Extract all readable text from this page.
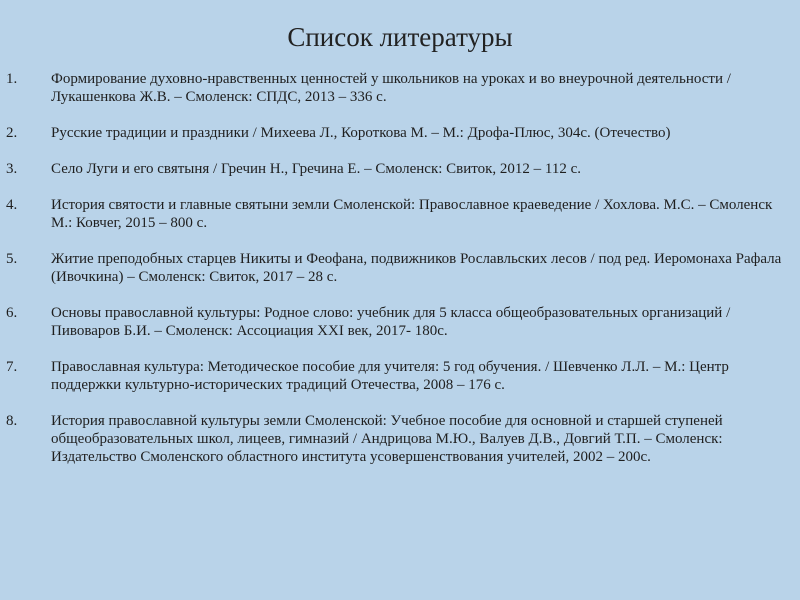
Список литературы
1.	Формирование духовно-нравственных ценностей у школьников на уроках и во внеурочной деятельности / Лукашенкова Ж.В. – Смоленск: СПДС, 2013 – 336 с.
2.	Русские традиции и праздники / Михеева Л., Короткова М. – М.: Дрофа-Плюс, 304с. (Отечество)
3.	Село Луги и его святыня / Гречин Н., Гречина Е. – Смоленск: Свиток, 2012 – 112 с.
4.	История святости и главные святыни земли Смоленской: Православное краеведение / Хохлова. М.С. – Смоленск М.: Ковчег, 2015 – 800 с.
5.	Житие преподобных старцев Никиты и Феофана, подвижников Рославльских лесов / под ред. Иеромонаха Рафала (Ивочкина) – Смоленск: Свиток, 2017 – 28 с.
6.	Основы православной культуры: Родное слово: учебник для 5 класса общеобразовательных организаций / Пивоваров Б.И. – Смоленск: Ассоциация XXI век, 2017- 180с.
7.	Православная культура: Методическое пособие для учителя: 5 год обучения. / Шевченко Л.Л. – М.: Центр поддержки культурно-исторических традиций Отечества, 2008 – 176 с.
8.	История православной культуры земли Смоленской: Учебное пособие для основной и старшей ступеней общеобразовательных школ, лицеев, гимназий / Андрицова М.Ю., Валуев Д.В., Довгий Т.П. – Смоленск: Издательство Смоленского областного института усовершенствования учителей, 2002 – 200с.
